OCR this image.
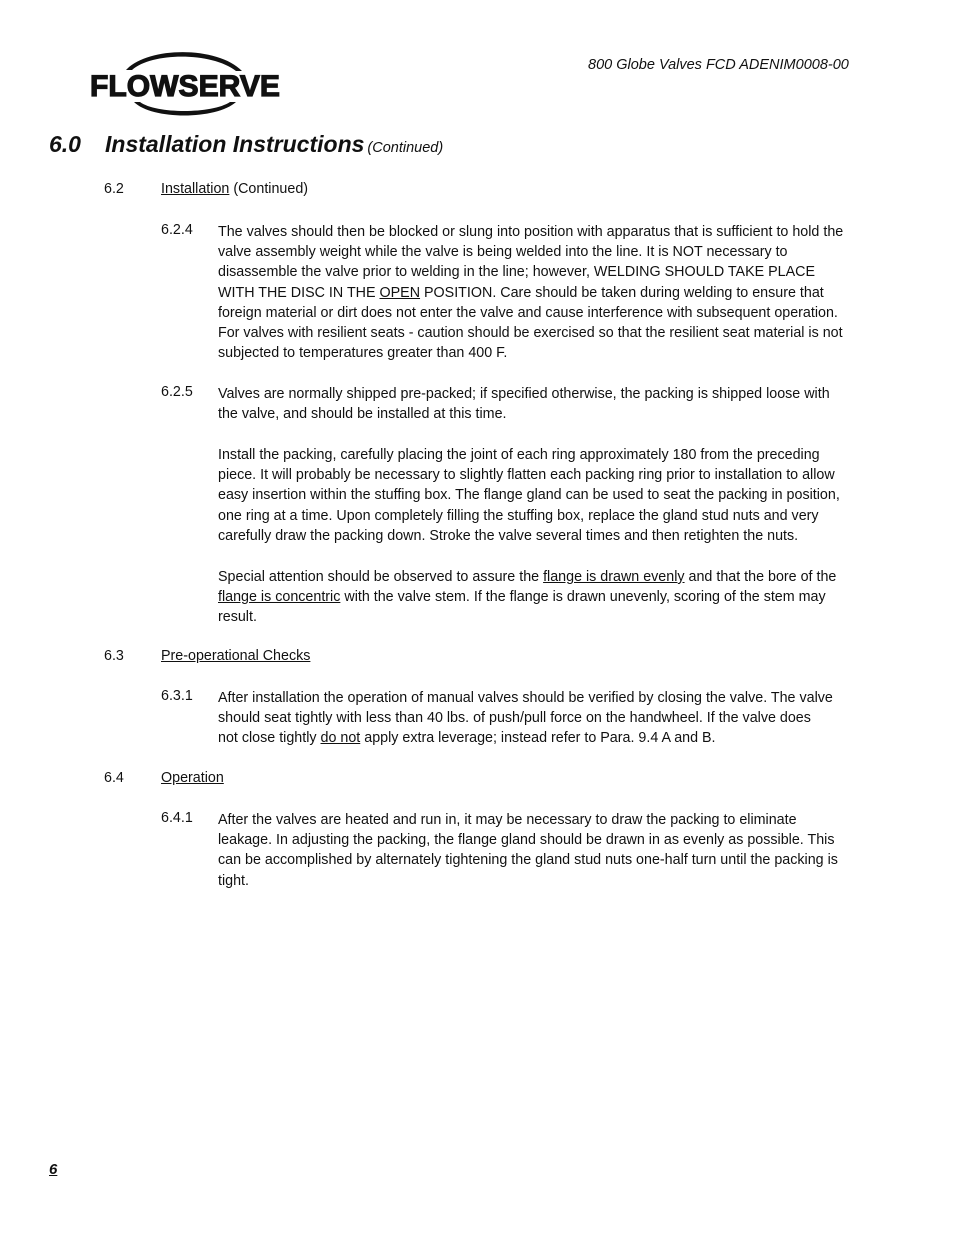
800 Globe Valves FCD ADENIM0008-00
FLOWSERVE
6.0 Installation Instructions (Continued)
6.2	Installation (Continued)
6.2.4 The valves should then be blocked or slung into position with apparatus that is sufficient to hold the valve assembly weight while the valve is being welded into the line. It is NOT necessary to disassemble the valve prior to welding in the line; however, WELDING SHOULD TAKE PLACE WITH THE DISC IN THE OPEN POSITION. Care should be taken during welding to ensure that foreign material or dirt does not enter the valve and cause interference with subsequent operation. For valves with resilient seats - caution should be exercised so that the resilient seat material is not subjected to temperatures greater than 400 F.
6.2.5 Valves are normally shipped pre-packed; if specified otherwise, the packing is shipped loose with the valve, and should be installed at this time.
Install the packing, carefully placing the joint of each ring approximately 180 from the preceding piece. It will probably be necessary to slightly flatten each packing ring prior to installation to allow easy insertion within the stuffing box. The flange gland can be used to seat the packing in position, one ring at a time. Upon completely filling the stuffing box, replace the gland stud nuts and very carefully draw the packing down. Stroke the valve several times and then retighten the nuts.
Special attention should be observed to assure the flange is drawn evenly and that the bore of the flange is concentric with the valve stem. If the flange is drawn unevenly, scoring of the stem may result.
6.3	Pre-operational Checks
6.3.1 After installation the operation of manual valves should be verified by closing the valve. The valve should seat tightly with less than 40 lbs. of push/pull force on the handwheel. If the valve does not close tightly do not apply extra leverage; instead refer to Para. 9.4 A and B.
6.4	Operation
6.4.1 After the valves are heated and run in, it may be necessary to draw the packing to eliminate leakage. In adjusting the packing, the flange gland should be drawn in as evenly as possible. This can be accomplished by alternately tightening the gland stud nuts one-half turn until the packing is tight.
6
